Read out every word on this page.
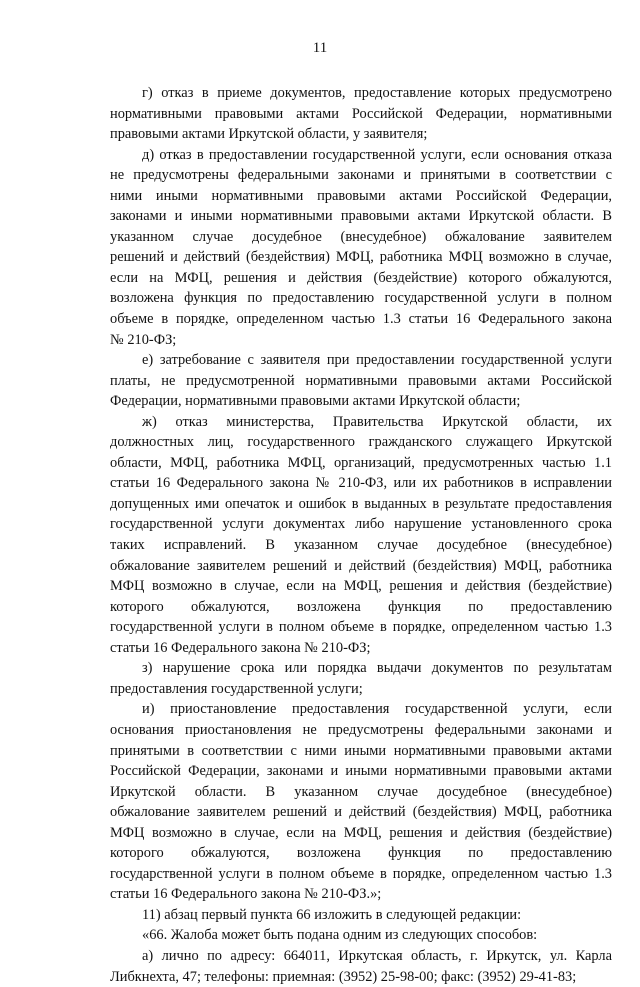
11
г) отказ в приеме документов, предоставление которых предусмотрено
нормативными правовыми актами Российской Федерации, нормативными
правовыми актами Иркутской области, у заявителя;
д) отказ в предоставлении государственной услуги, если основания отказа
не предусмотрены федеральными законами и принятыми в соответствии с
ними иными нормативными правовыми актами Российской Федерации,
законами и иными нормативными правовыми актами Иркутской области. В
указанном случае досудебное (внесудебное) обжалование заявителем
решений и действий (бездействия) МФЦ, работника МФЦ возможно в случае,
если на МФЦ, решения и действия (бездействие) которого обжалуются,
возложена функция по предоставлению государственной услуги в полном
объеме в порядке, определенном частью 1.3 статьи 16 Федерального закона
№ 210-ФЗ;
е) затребование с заявителя при предоставлении государственной услуги
платы, не предусмотренной нормативными правовыми актами Российской
Федерации, нормативными правовыми актами Иркутской области;
ж) отказ министерства, Правительства Иркутской области, их
должностных лиц, государственного гражданского служащего Иркутской
области, МФЦ, работника МФЦ, организаций, предусмотренных частью 1.1
статьи 16 Федерального закона № 210-ФЗ, или их работников в исправлении
допущенных ими опечаток и ошибок в выданных в результате предоставления
государственной услуги документах либо нарушение установленного срока
таких исправлений. В указанном случае досудебное (внесудебное)
обжалование заявителем решений и действий (бездействия) МФЦ, работника
МФЦ возможно в случае, если на МФЦ, решения и действия (бездействие)
которого обжалуются, возложена функция по предоставлению
государственной услуги в полном объеме в порядке, определенном частью 1.3
статьи 16 Федерального закона № 210-ФЗ;
з) нарушение срока или порядка выдачи документов по результатам
предоставления государственной услуги;
и) приостановление предоставления государственной услуги, если
основания приостановления не предусмотрены федеральными законами и
принятыми в соответствии с ними иными нормативными правовыми актами
Российской Федерации, законами и иными нормативными правовыми актами
Иркутской области. В указанном случае досудебное (внесудебное)
обжалование заявителем решений и действий (бездействия) МФЦ, работника
МФЦ возможно в случае, если на МФЦ, решения и действия (бездействие)
которого обжалуются, возложена функция по предоставлению
государственной услуги в полном объеме в порядке, определенном частью 1.3
статьи 16 Федерального закона № 210-ФЗ.»;
11) абзац первый пункта 66 изложить в следующей редакции:
«66. Жалоба может быть подана одним из следующих способов:
а) лично по адресу: 664011, Иркутская область, г. Иркутск, ул. Карла
Либкнехта, 47; телефоны: приемная: (3952) 25-98-00; факс: (3952) 29-41-83;
